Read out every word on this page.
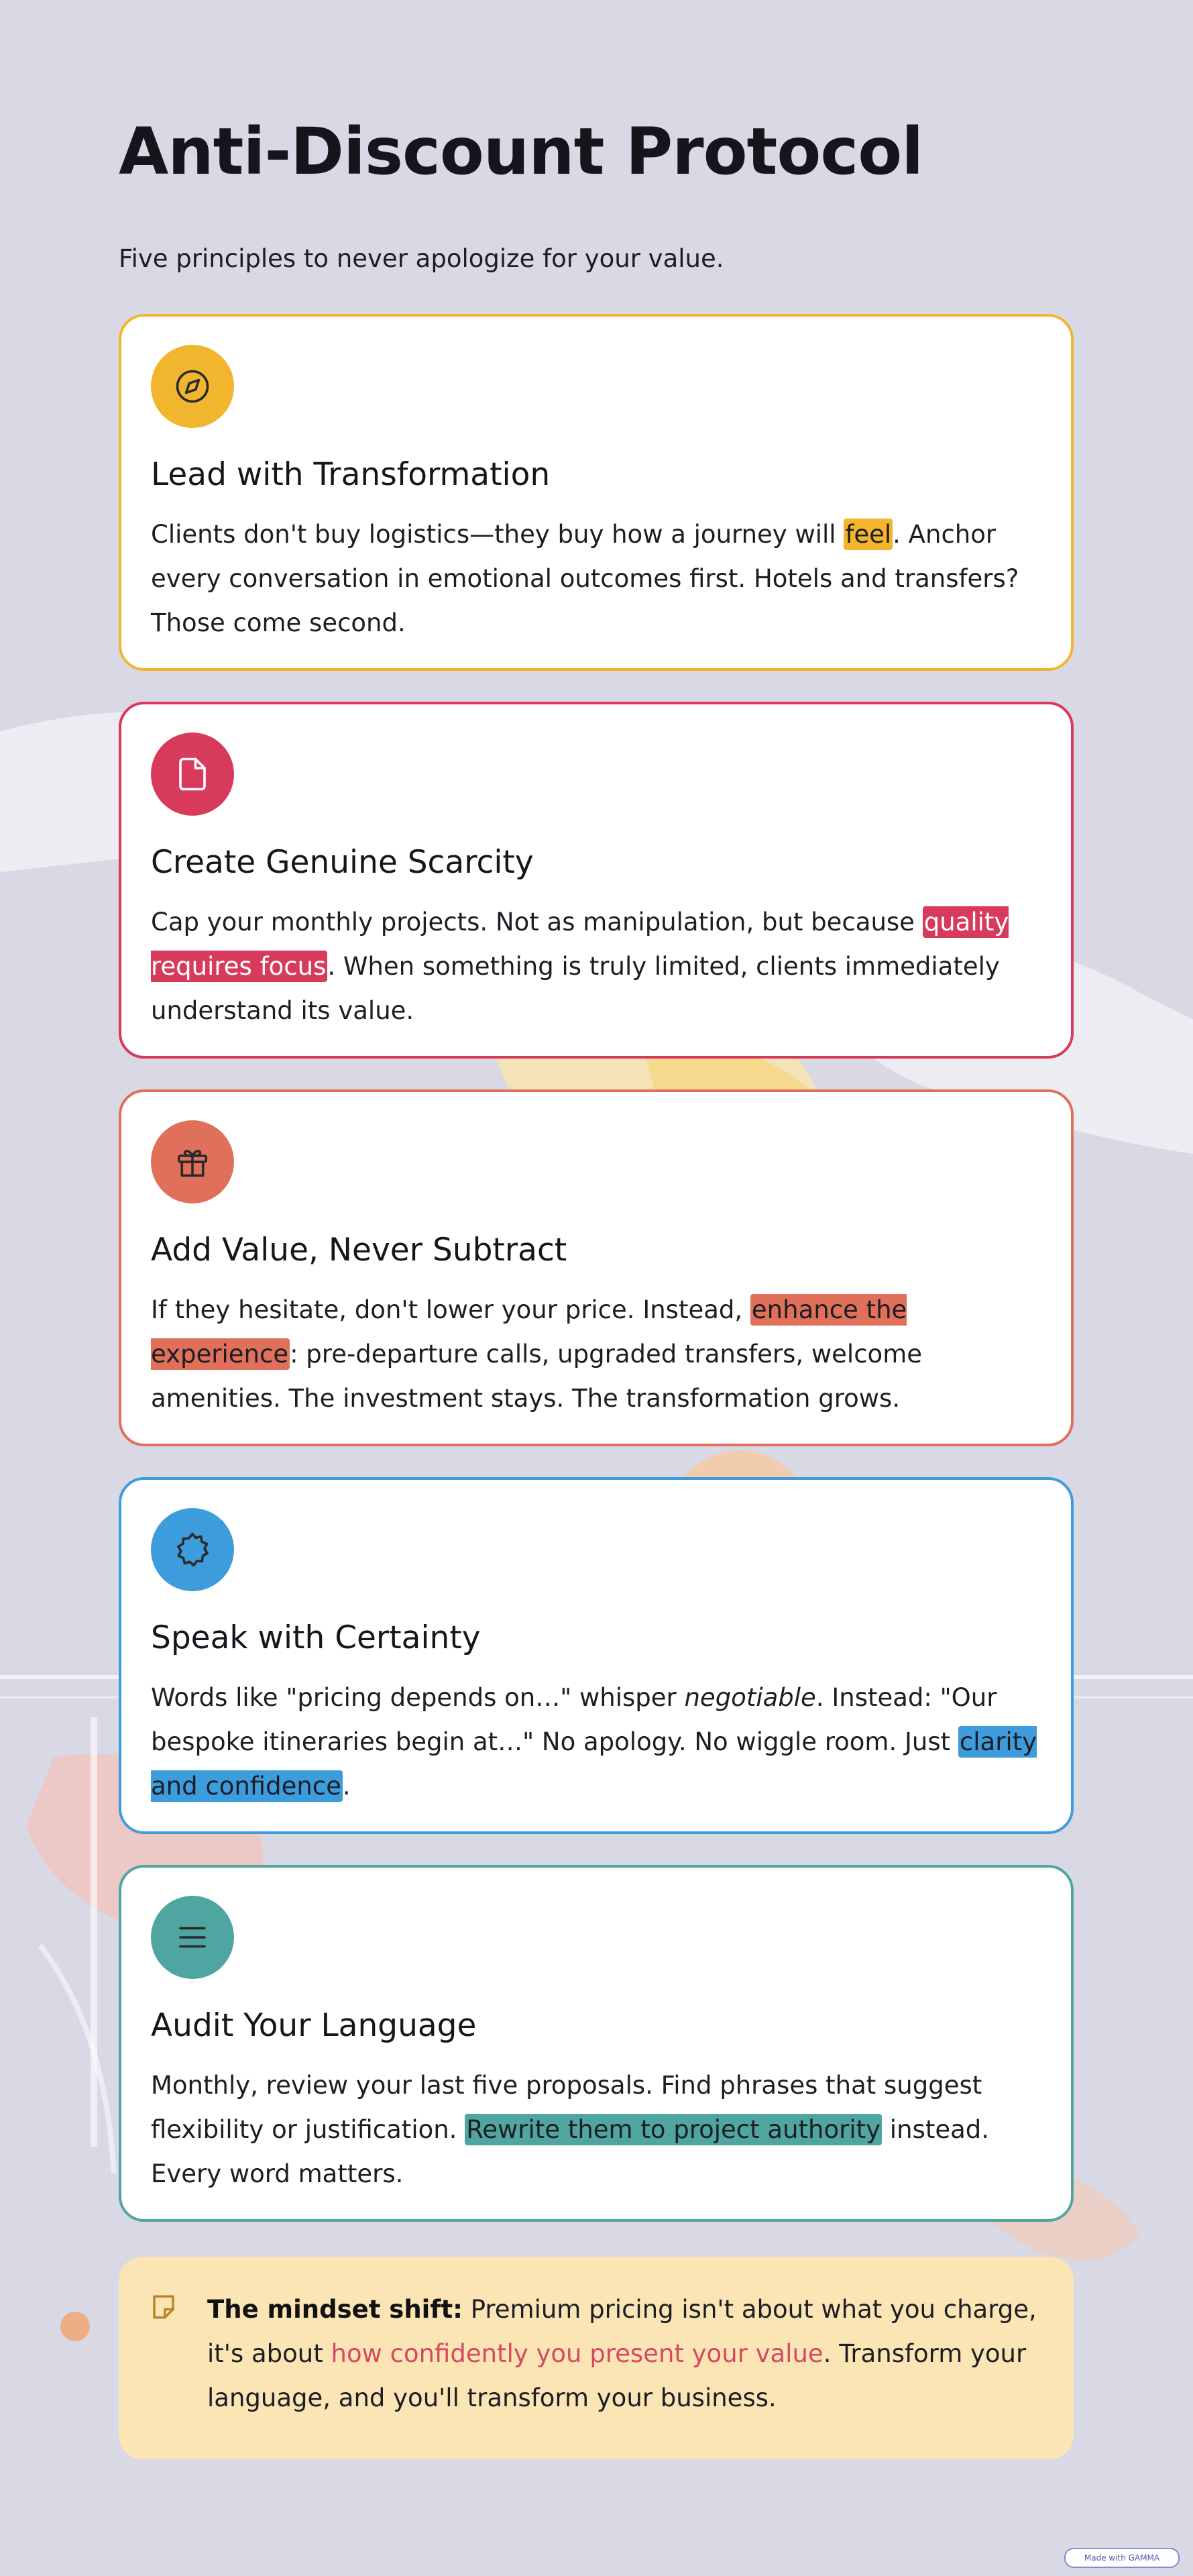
Anti-Discount Protocol
Five principles to never apologize for your value.
Lead with Transformation

Clients don't buy logistics—they buy how a journey will feel. Anchor every conversation in emotional outcomes first. Hotels and transfers? Those come second.

Create Genuine Scarcity

Cap your monthly projects. Not as manipulation, but because quality requires focus. When something is truly limited, clients immediately understand its value.

Add Value, Never Subtract

If they hesitate, don't lower your price. Instead, enhance the experience: pre-departure calls, upgraded transfers, welcome amenities. The investment stays. The transformation grows.

Speak with Certainty

Words like "pricing depends on…" whisper negotiable. Instead: "Our bespoke itineraries begin at…" No apology. No wiggle room. Just clarity and confidence.

Audit Your Language

Monthly, review your last five proposals. Find phrases that suggest flexibility or justification. Rewrite them to project authority instead. Every word matters.

The mindset shift: Premium pricing isn't about what you charge, it's about how confidently you present your value. Transform your language, and you'll transform your business.

Made with GAMMA
